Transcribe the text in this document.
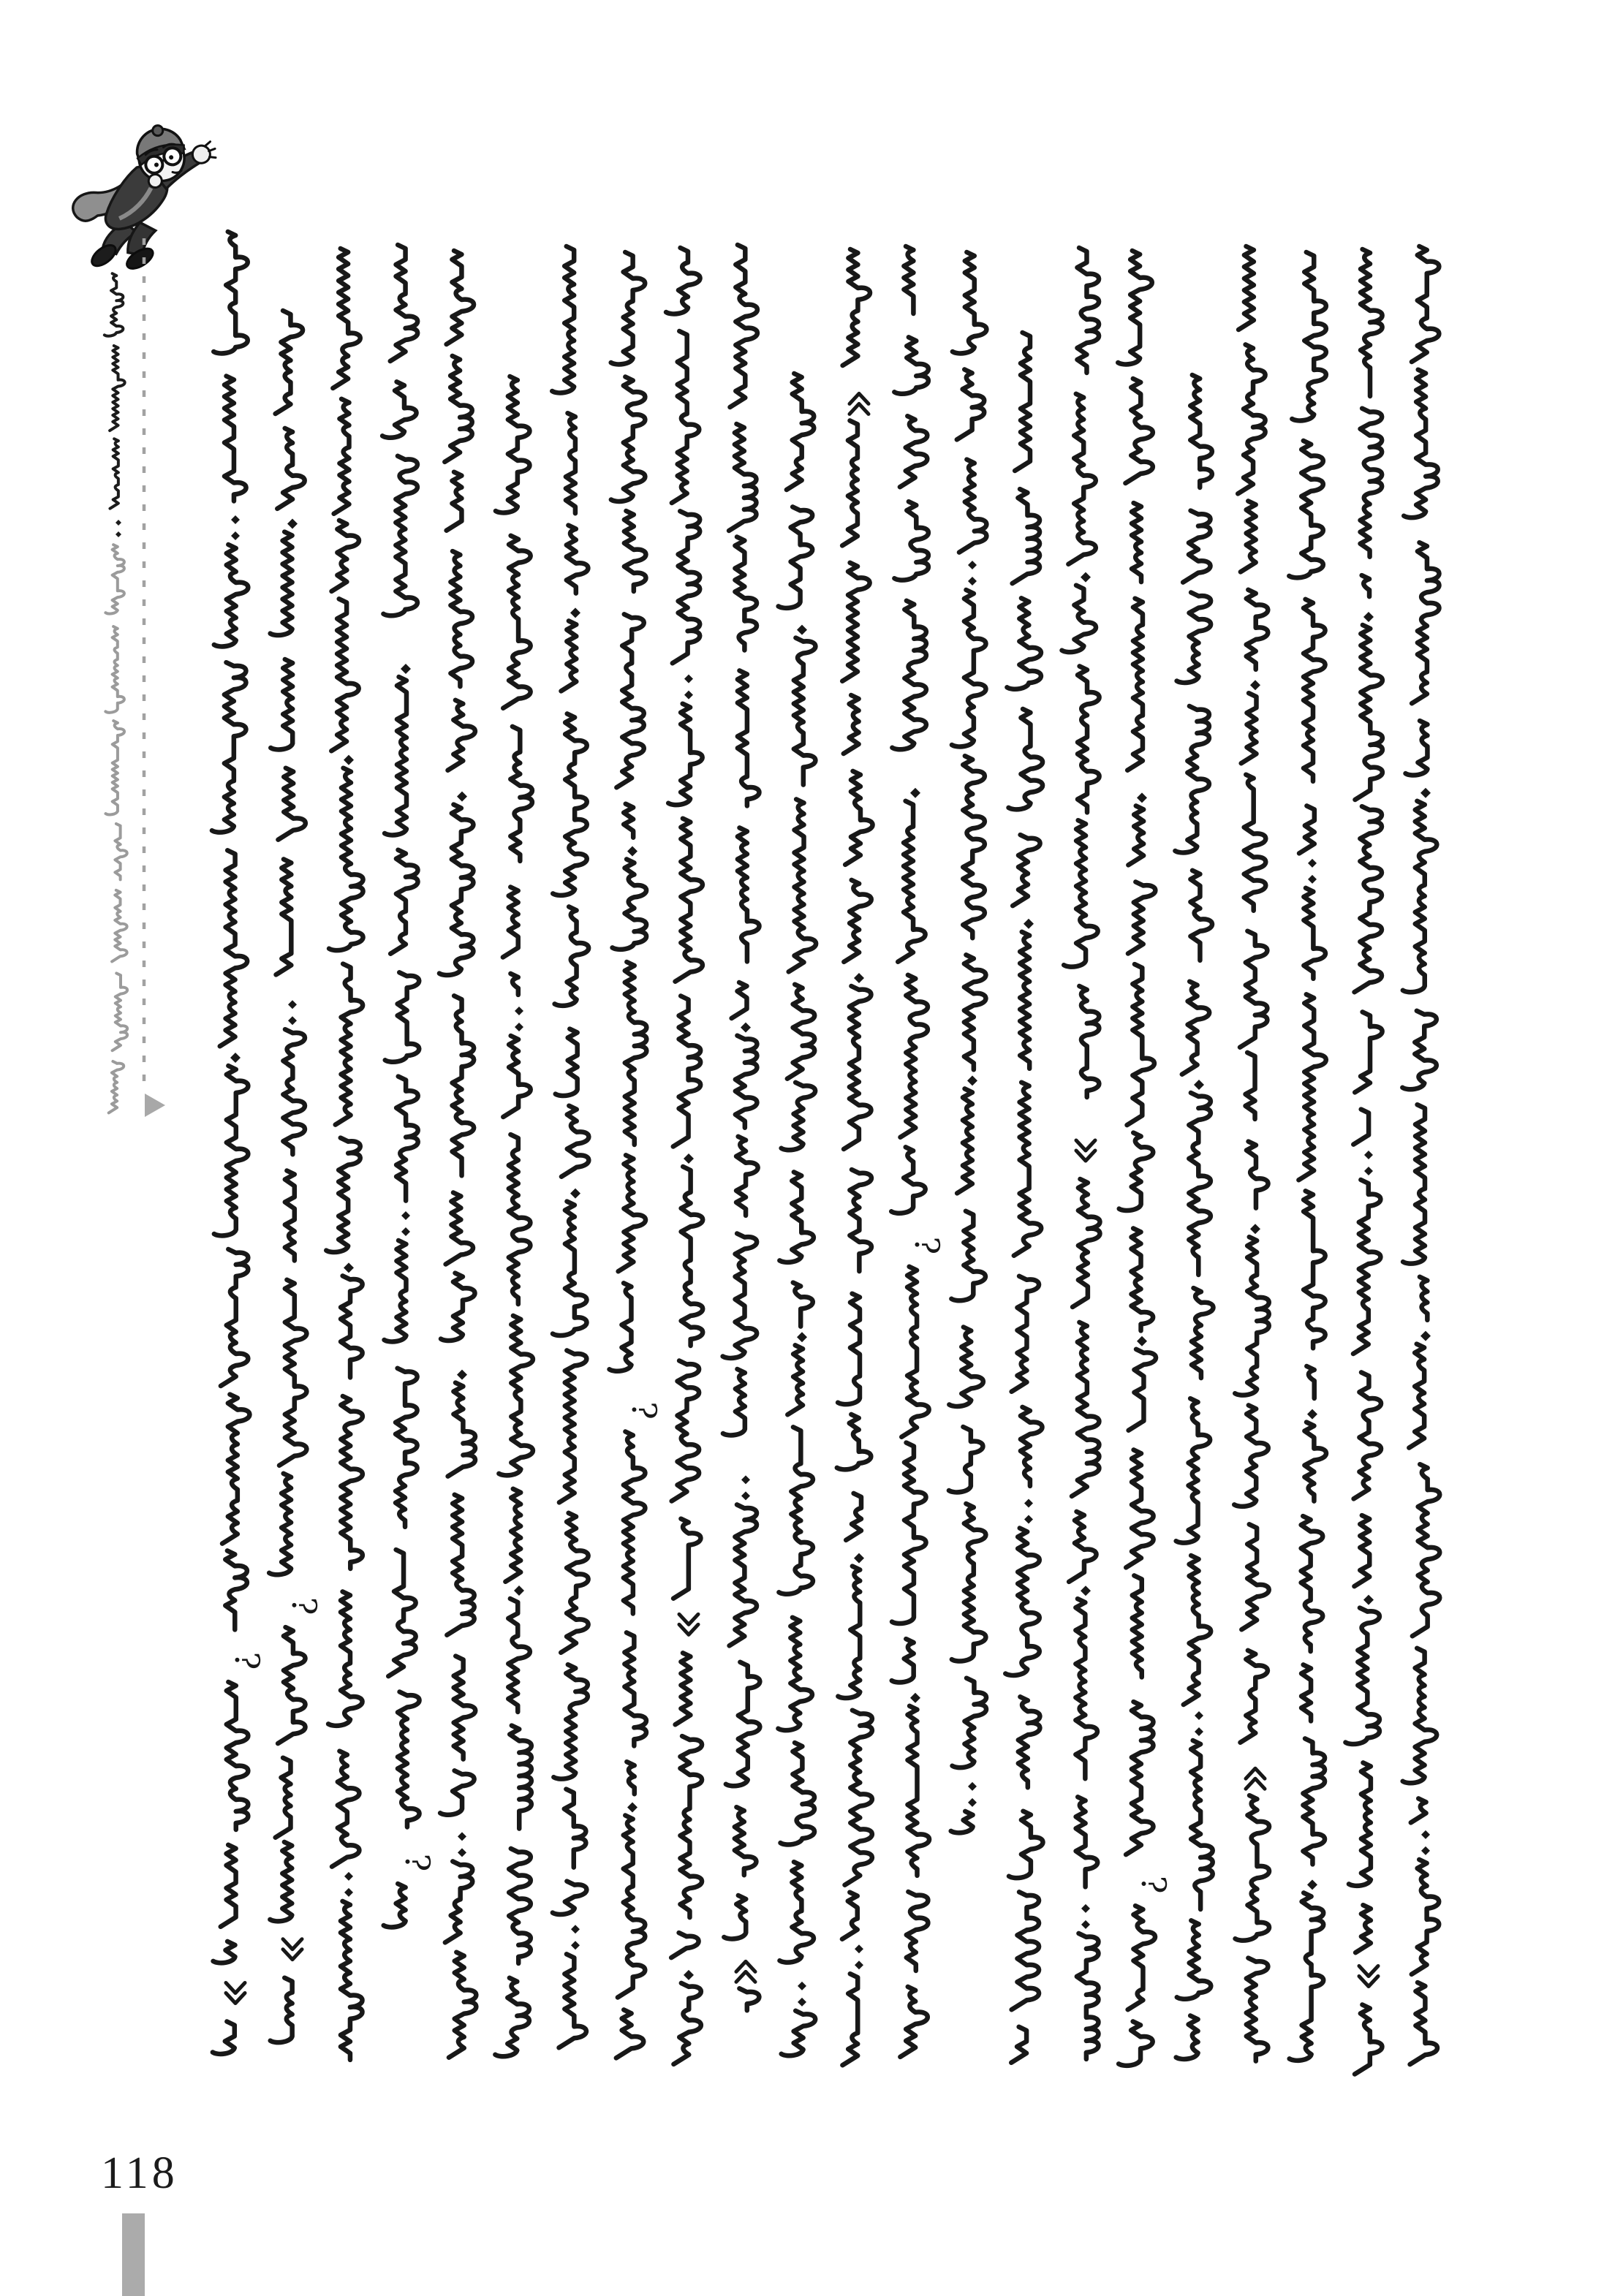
?
?
?
?
?
?
118
